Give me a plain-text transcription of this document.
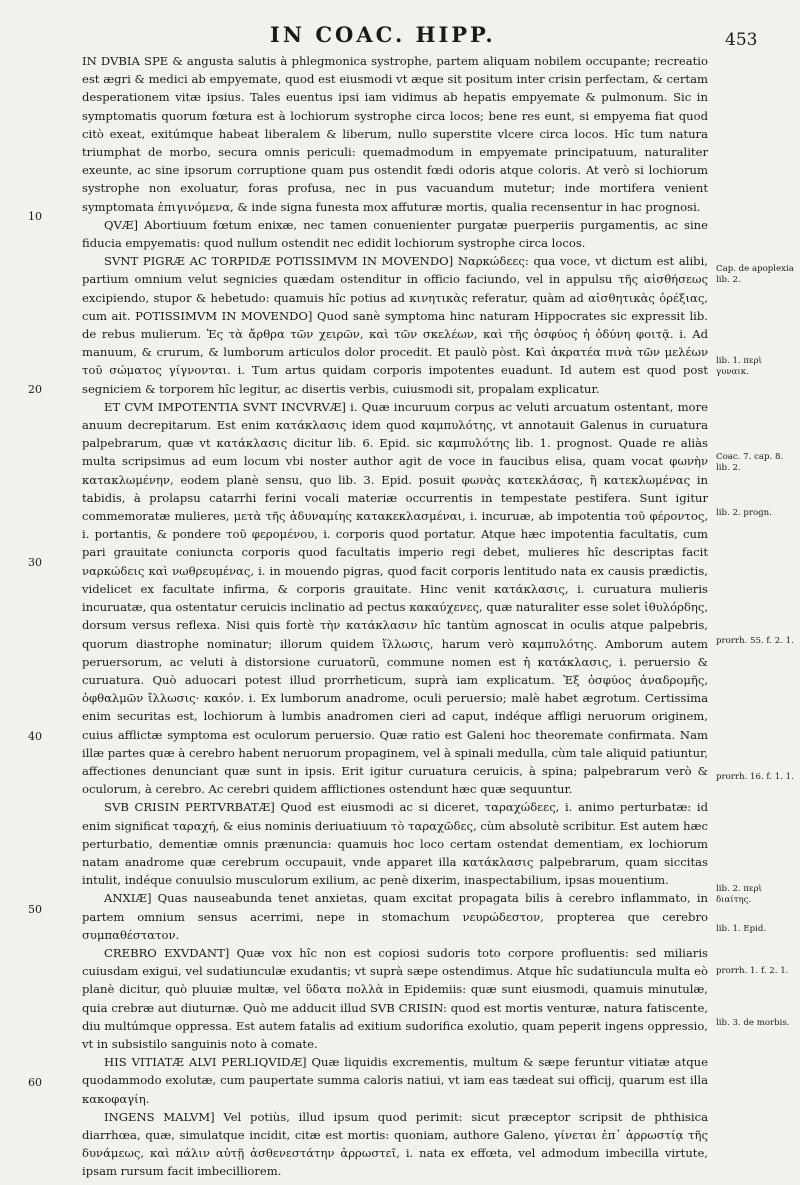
IN COAC. HIPP.	453

IN DVBIA SPE & angusta salutis à phlegmonica systrophe, partem aliquam nobilem occupante; recreatio est ægri & medici ab empyemate, quod est eiusmodi vt æque sit positum inter crisin perfectam, & certam desperationem vitæ ipsius. Tales euentus ipsi iam vidimus ab hepatis empyemate & pulmonum. Sic in symptomatis quorum fœtura est à lochiorum systrophe circa locos; bene res eunt, si empyema fiat quod citò exeat, exitúmque habeat liberalem & liberum, nullo superstite vlcere circa locos. Hîc tum natura triumphat de morbo, secura omnis periculi: quemadmodum in empyemate principatuum, naturaliter exeunte, ac sine ipsorum corruptione quam pus ostendit fœdi odoris atque coloris. At verò si lochiorum systrophe non exoluatur, foras profusa, nec in pus vacuandum mutetur; inde mortifera venient symptomata ἐπιγινόμενα, & inde signa funesta mox affuturæ mortis, qualia recensentur in hac prognosi.

QVÆ] Abortiuum fœtum enixæ, nec tamen conuenienter purgatæ puerperiis purgamentis, ac sine fiducia empyematis: quod nullum ostendit nec edidit lochiorum systrophe circa locos.

SVNT PIGRÆ AC TORPIDÆ POTISSIMVM IN MOVENDO] Ναρκώδεες: qua voce, vt dictum est alibi, partium omnium velut segnicies quædam ostenditur in officio faciundo, vel in appulsu τῆς αἰσθήσεως excipiendo, stupor & hebetudo: quamuis hîc potius ad κινητικὰς referatur, quàm ad αἰσθητικὰς ὀρέξιας, cum ait. POTISSIMVM IN MOVENDO] Quod sanè symptoma hinc naturam Hippocrates sic expressit lib. de rebus mulierum. Ἐς τὰ ἄρθρα τῶν χειρῶν, καὶ τῶν σκελέων, καὶ τῆς ὀσφύος ἡ ὀδύνη φοιτᾷ. i. Ad manuum, & crurum, & lumborum articulos dolor procedit. Et paulò pòst. Καὶ ἀκρατέα πινὰ τῶν μελέων τοῦ σώματος γίγνονται. i. Tum artus quidam corporis impotentes euadunt. Id autem est quod post segniciem & torporem hîc legitur, ac disertis verbis, cuiusmodi sit, propalam explicatur.

ET CVM IMPOTENTIA SVNT INCVRVÆ] i. Quæ incuruum corpus ac veluti arcuatum ostentant, more anuum decrepitarum. Est enim κατάκλασις idem quod καμπυλότης, vt annotauit Galenus in curuatura palpebrarum, quæ vt κατάκλασις dicitur lib. 6. Epid. sic καμπυλότης lib. 1. prognost. Quade re aliàs multa scripsimus ad eum locum vbi noster author agit de voce in faucibus elisa, quam vocat φωνὴν κατακλωμένην, eodem planè sensu, quo lib. 3. Epid. posuit φωνὰς κατεκλάσας, ἢ κατεκλωμένας in tabidis, à prolapsu catarrhi ferini vocali materiæ occurrentis in tempestate pestifera. Sunt igitur commemoratæ mulieres, μετὰ τῆς ἀδυναμίης κατακεκλασμέναι, i. incuruæ, ab impotentia τοῦ φέροντος, i. portantis, & pondere τοῦ φερομένου, i. corporis quod portatur. Atque hæc impotentia facultatis, cum pari grauitate coniuncta corporis quod facultatis imperio regi debet, mulieres hîc descriptas facit ναρκώδεις καὶ νωθρευμένας, i. in mouendo pigras, quod facit corporis lentitudo nata ex causis prædictis, videlicet ex facultate infirma, & corporis grauitate. Hinc venit κατάκλασις, i. curuatura mulieris incuruatæ, qua ostentatur ceruicis inclinatio ad pectus κακαύχενες, quæ naturaliter esse solet ἰθυλόρδης, dorsum versus reflexa. Nisi quis fortè τὴν κατάκλασιν hîc tantùm agnoscat in oculis atque palpebris, quorum diastrophe nominatur; illorum quidem ἴλλωσις, harum verò καμπυλότης. Amborum autem peruersorum, ac veluti à distorsione curuatorũ, commune nomen est ἡ κατάκλασις, i. peruersio & curuatura. Quò aduocari potest illud prorrheticum, suprà iam explicatum. Ἐξ ὀσφύος ἀναδρομῆς, ὀφθαλμῶν ἴλλωσις· κακόν. i. Ex lumborum anadrome, oculi peruersio; malè habet ægrotum. Certissima enim securitas est, lochiorum à lumbis anadromen cieri ad caput, indéque affligi neruorum originem, cuius afflictæ symptoma est oculorum peruersio. Quæ ratio est Galeni hoc theoremate confirmata. Nam illæ partes quæ à cerebro habent neruorum propaginem, vel à spinali medulla, cùm tale aliquid patiuntur, affectiones denunciant quæ sunt in ipsis. Erit igitur curuatura ceruicis, à spina; palpebrarum verò & oculorum, à cerebro. Ac cerebri quidem afflictiones ostendunt hæc quæ sequuntur.

SVB CRISIN PERTVRBATÆ] Quod est eiusmodi ac si diceret, ταραχώδεες, i. animo perturbatæ: id enim significat ταραχή, & eius nominis deriuatiuum τὸ ταραχῶδες, cùm absolutè scribitur. Est autem hæc perturbatio, dementiæ omnis prænuncia: quamuis hoc loco certam ostendat dementiam, ex lochiorum natam anadrome quæ cerebrum occupauit, vnde apparet illa κατάκλασις palpebrarum, quam siccitas intulit, indéque conuulsio musculorum exilium, ac penè dixerim, inaspectabilium, ipsas mouentium.

ANXIÆ] Quas nauseabunda tenet anxietas, quam excitat propagata bilis à cerebro inflammato, in partem omnium sensus acerrimi, nepe in stomachum νευρώδεστον, propterea que cerebro συμπαθέστατον.

CREBRO EXVDANT] Quæ vox hîc non est copiosi sudoris toto corpore profluentis: sed miliaris cuiusdam exigui, vel sudatiunculæ exudantis; vt suprà sæpe ostendimus. Atque hîc sudatiuncula multa eò planè dicitur, quò pluuiæ multæ, vel ὕδατα πολλὰ in Epidemiis: quæ sunt eiusmodi, quamuis minutulæ, quia crebræ aut diuturnæ. Quò me adducit illud SVB CRISIN: quod est mortis venturæ, natura fatiscente, diu multúmque oppressa. Est autem fatalis ad exitium sudorifica exolutio, quam peperit ingens oppressio, vt in subsistilo sanguinis noto à comate.

HIS VITIATÆ ALVI PERLIQVIDÆ] Quæ liquidis excrementis, multum & sæpe feruntur vitiatæ atque quodammodo exolutæ, cum paupertate summa caloris natiui, vt iam eas tædeat sui officij, quarum est illa κακοφαγίη.

INGENS MALVM] Vel potiùs, illud ipsum quod perimit: sicut præceptor scripsit de phthisica diarrhœa, quæ, simulatque incidit, citæ est mortis: quoniam, authore Galeno, γίνεται ἐπ᾽ ἀρρωστίᾳ τῆς δυνάμεως, καὶ πάλιν αὐτῇ ἀσθενεστάτην ἀρρωστεῖ, i. nata ex effœta, vel admodum imbecilla virtute, ipsam rursum facit imbecilliorem.

10
20
30
40
50
60
Cap. de apoplexia lib. 2.
lib. 1. περὶ γυναικ.
Coac. 7. cap. 8. lib. 2.
lib. 2. progn.
prorrh. 55. f. 2. 1.
prorrh. 16. f. 1. 1.
lib. 2. περὶ διαίτης.
lib. 1. Epid.
prorrh. 1. f. 2. 1.
lib. 3. de morbis.
